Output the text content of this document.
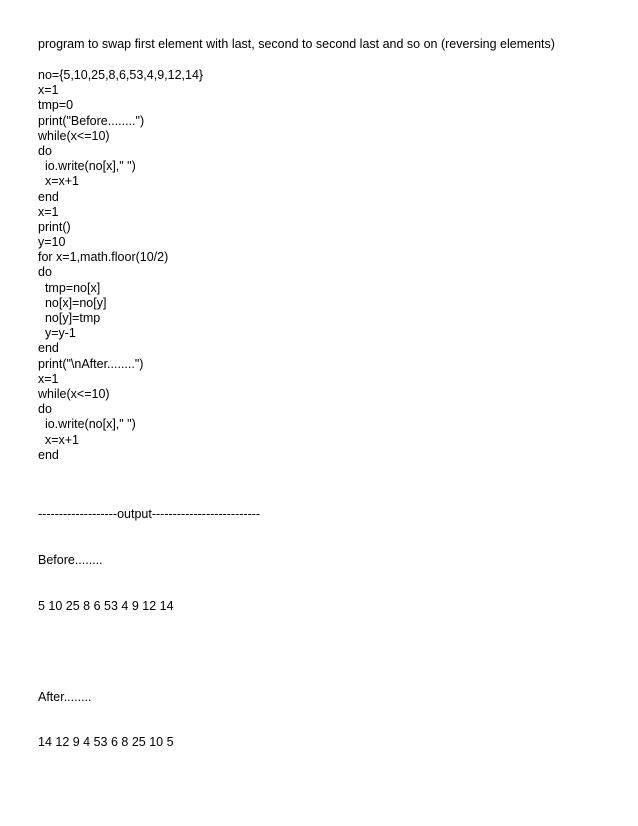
program to swap first element with last, second to second last and so on (reversing elements)
no={5,10,25,8,6,53,4,9,12,14}
x=1
tmp=0
print("Before........")
while(x<=10)
do
io.write(no[x]," ")
x=x+1
end
x=1
print()
y=10
for x=1,math.floor(10/2)
do
tmp=no[x]
no[x]=no[y]
no[y]=tmp
y=y-1
end
print("\nAfter........")
x=1
while(x<=10)
do
io.write(no[x]," ")
x=x+1
end

-------------------output--------------------------

Before........

5 10 25 8 6 53 4 9 12 14

After........

14 12 9 4 53 6 8 25 10 5
